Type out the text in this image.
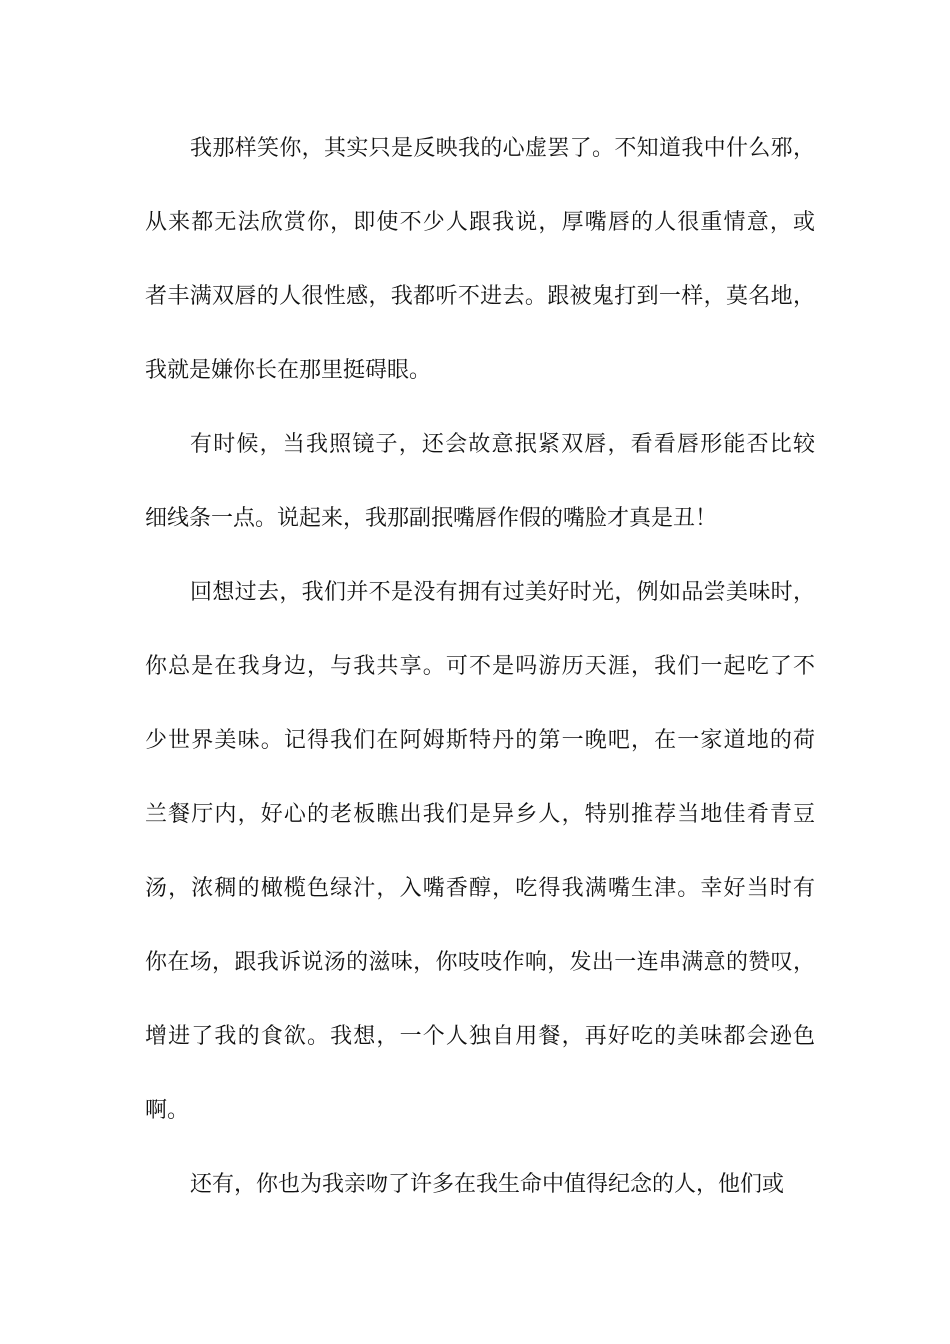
我那样笑你，其实只是反映我的心虚罢了。不知道我中什么邪，
从来都无法欣赏你，即使不少人跟我说，厚嘴唇的人很重情意，或
者丰满双唇的人很性感，我都听不进去。跟被鬼打到一样，莫名地，
我就是嫌你长在那里挺碍眼。
有时候，当我照镜子，还会故意抿紧双唇，看看唇形能否比较
细线条一点。说起来，我那副抿嘴唇作假的嘴脸才真是丑！
回想过去，我们并不是没有拥有过美好时光，例如品尝美味时，
你总是在我身边，与我共享。可不是吗游历天涯，我们一起吃了不
少世界美味。记得我们在阿姆斯特丹的第一晚吧，在一家道地的荷
兰餐厅内，好心的老板瞧出我们是异乡人，特别推荐当地佳肴青豆
汤，浓稠的橄榄色绿汁，入嘴香醇，吃得我满嘴生津。幸好当时有
你在场，跟我诉说汤的滋味，你吱吱作响，发出一连串满意的赞叹，
增进了我的食欲。我想，一个人独自用餐，再好吃的美味都会逊色
啊。
还有，你也为我亲吻了许多在我生命中值得纪念的人，他们或
